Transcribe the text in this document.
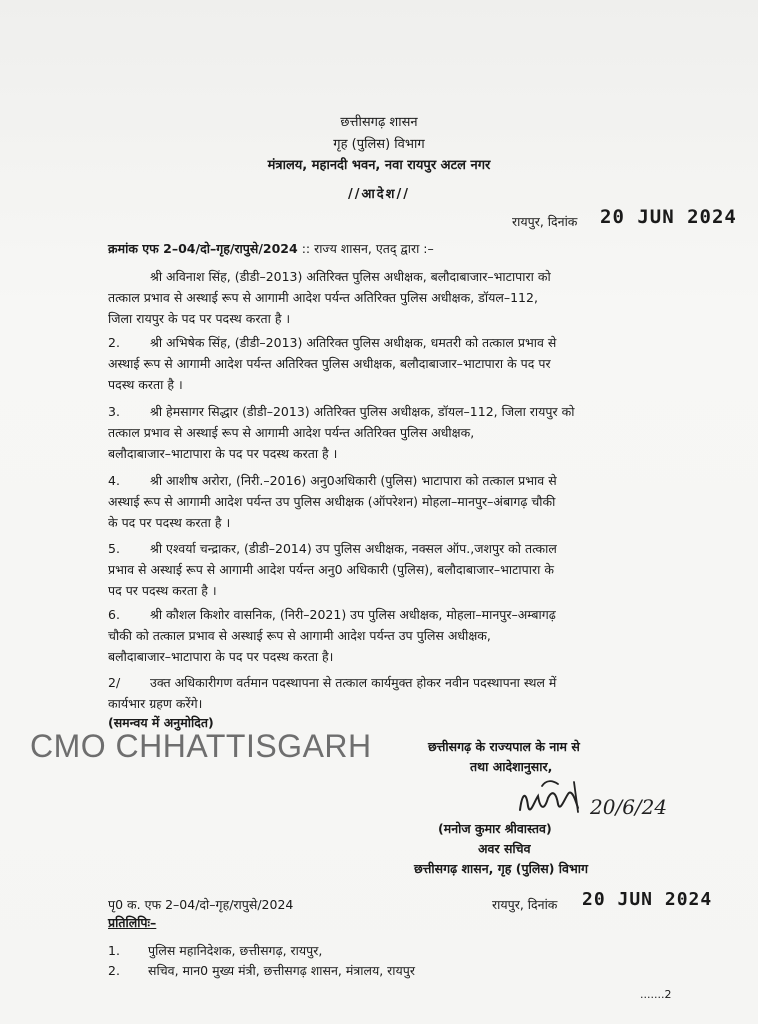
छत्तीसगढ़ शासन
गृह (पुलिस) विभाग
मंत्रालय, महानदी भवन, नवा रायपुर अटल नगर
//आदेश//
रायपुर, दिनांक 20 JUN 2024
क्रमांक एफ 2–04/दो–गृह/रापुसे/2024 :: राज्य शासन, एतद् द्वारा :–

श्री अविनाश सिंह, (डीडी–2013) अतिरिक्त पुलिस अधीक्षक, बलौदाबाजार–भाटापारा को

तत्काल प्रभाव से अस्थाई रूप से आगामी आदेश पर्यन्त अतिरिक्त पुलिस अधीक्षक, डॉयल–112,

जिला रायपुर के पद पर पदस्थ करता है ।

2. श्री अभिषेक सिंह, (डीडी–2013) अतिरिक्त पुलिस अधीक्षक, धमतरी को तत्काल प्रभाव से

अस्थाई रूप से आगामी आदेश पर्यन्त अतिरिक्त पुलिस अधीक्षक, बलौदाबाजार–भाटापारा के पद पर

पदस्थ करता है ।

3. श्री हेमसागर सिद्धार (डीडी–2013) अतिरिक्त पुलिस अधीक्षक, डॉयल–112, जिला रायपुर को

तत्काल प्रभाव से अस्थाई रूप से आगामी आदेश पर्यन्त अतिरिक्त पुलिस अधीक्षक,

बलौदाबाजार–भाटापारा के पद पर पदस्थ करता है ।

4. श्री आशीष अरोरा, (निरी.–2016) अनु0अधिकारी (पुलिस) भाटापारा को तत्काल प्रभाव से

अस्थाई रूप से आगामी आदेश पर्यन्त उप पुलिस अधीक्षक (ऑपरेशन) मोहला–मानपुर–अंबागढ़ चौकी

के पद पर पदस्थ करता है ।

5. श्री एश्वर्या चन्द्राकर, (डीडी–2014) उप पुलिस अधीक्षक, नक्सल ऑप.,जशपुर को तत्काल

प्रभाव से अस्थाई रूप से आगामी आदेश पर्यन्त अनु0 अधिकारी (पुलिस), बलौदाबाजार–भाटापारा के

पद पर पदस्थ करता है ।

6. श्री कौशल किशोर वासनिक, (निरी–2021) उप पुलिस अधीक्षक, मोहला–मानपुर–अम्बागढ़

चौकी को तत्काल प्रभाव से अस्थाई रूप से आगामी आदेश पर्यन्त उप पुलिस अधीक्षक,

बलौदाबाजार–भाटापारा के पद पर पदस्थ करता है।

2/ उक्त अधिकारीगण वर्तमान पदस्थापना से तत्काल कार्यमुक्त होकर नवीन पदस्थापना स्थल में

कार्यभार ग्रहण करेंगे।

(समन्वय में अनुमोदित)
CMO CHHATTISGARH	छत्तीसगढ़ के राज्यपाल के नाम से
तथा आदेशानुसार,
20/6/24
(मनोज कुमार श्रीवास्तव)
अवर सचिव
छत्तीसगढ़ शासन, गृह (पुलिस) विभाग
पृ0 क. एफ 2–04/दो–गृह/रापुसे/2024	रायपुर, दिनांक 20 JUN 2024
प्रतिलिपिः–
1. पुलिस महानिदेशक, छत्तीसगढ़, रायपुर,
2. सचिव, मान0 मुख्य मंत्री, छत्तीसगढ़ शासन, मंत्रालय, रायपुर
.......2
